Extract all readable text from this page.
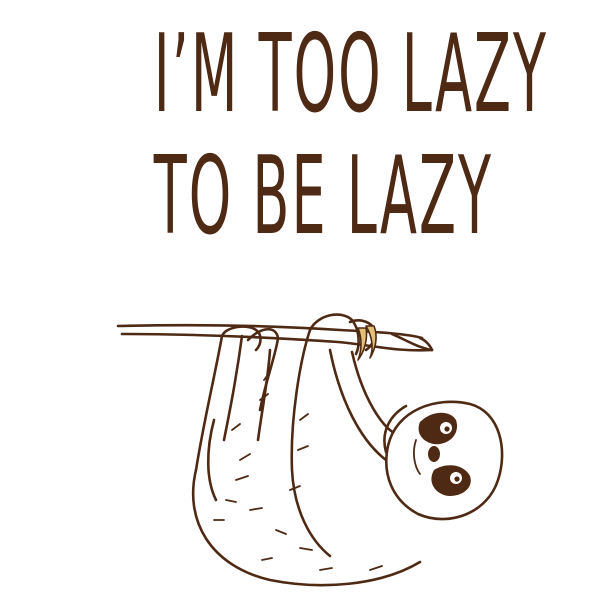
I’M TOO LAZY
TO BE LAZY
